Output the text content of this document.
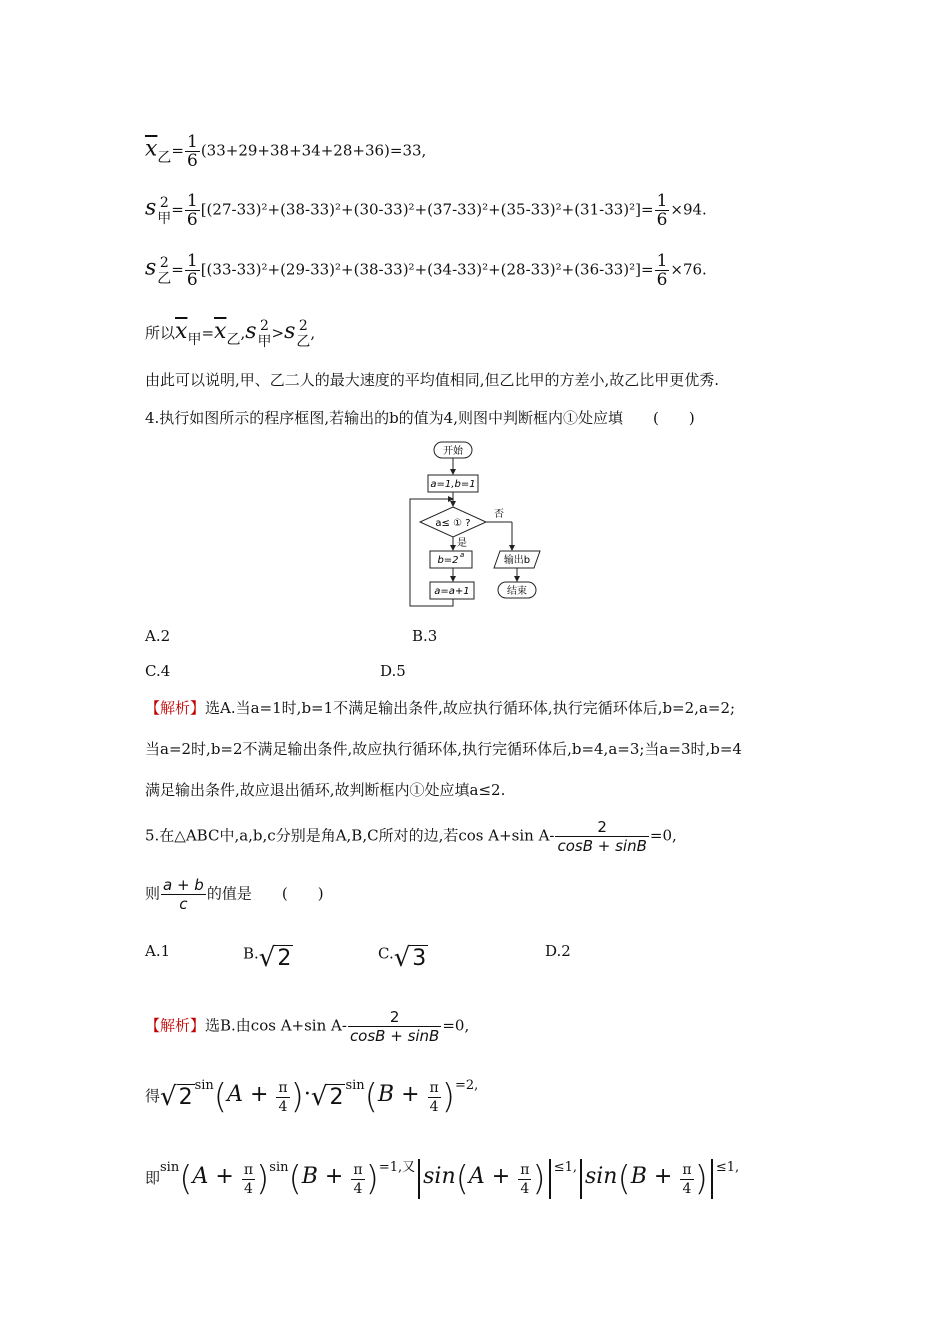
$\overline{x}$乙= $\frac{1}{6} (33+29+38+34+28+36)=33$,
s 2
甲 = $\frac{1}{6} [(27-33)^2+(38-33)^2+(30-33)^2+(37-33)^2+(35-33)^2+(31-33)^2]= \frac{1}{6} \times 94$.
s 2
乙 = $\frac{1}{6} [(33-33)^2+(29-33)^2+(38-33)^2+(34-33)^2+(28-33)^2+(36-33)^2]= \frac{1}{6} \times 76$.
所以$\overline{x}$甲$=\overline{x}$乙,s 2
甲 >s 2
乙 ,
由此可以说明,甲、乙二人的最大速度的平均值相同,但乙比甲的方差小,故乙比甲更优秀.
4.执行如图所示的程序框图,若输出的b的值为4,则图中判断框内①处应填　　(　　)
开始
a=1,b=1
a≤ ① ?
否
输出b
结束
是
b=2 a
a=a+1
A.2	B.3
C.4	D.5
【解析】选A.当a=1时,b=1不满足输出条件,故应执行循环体,执行完循环体后,b=2,a=2;
当a=2时,b=2不满足输出条件,故应执行循环体,执行完循环体后,b=4,a=3;当a=3时,b=4
满足输出条件,故应退出循环,故判断框内①处应填a≤2.
5.在△ABC中,a,b,c分别是角A,B,C所对的边,若cos A+sin $A- \frac{2}{\cos B + \sin B} =0$,
则 $\frac{a + b}{c}$ 的值是　　(　　)
A.1	B. √ 2	C. √ 3	D.2
【解析】选B.由cos A+sin $A- \frac{2}{\cos B + \sin B} =0$,
得 √ 2 $\sin(A + \frac{\pi}{4}$ )· √ 2 $\sin(B + \frac{\pi}{4} )=2$,
即$\sin(A + \frac{\pi}{4} )\sin(B + \frac{\pi}{4} )=1$,又 $\sin(A + \frac{\pi}{4}$ ) ≤1, $\sin(B + \frac{\pi}{4}$ ) ≤1,
